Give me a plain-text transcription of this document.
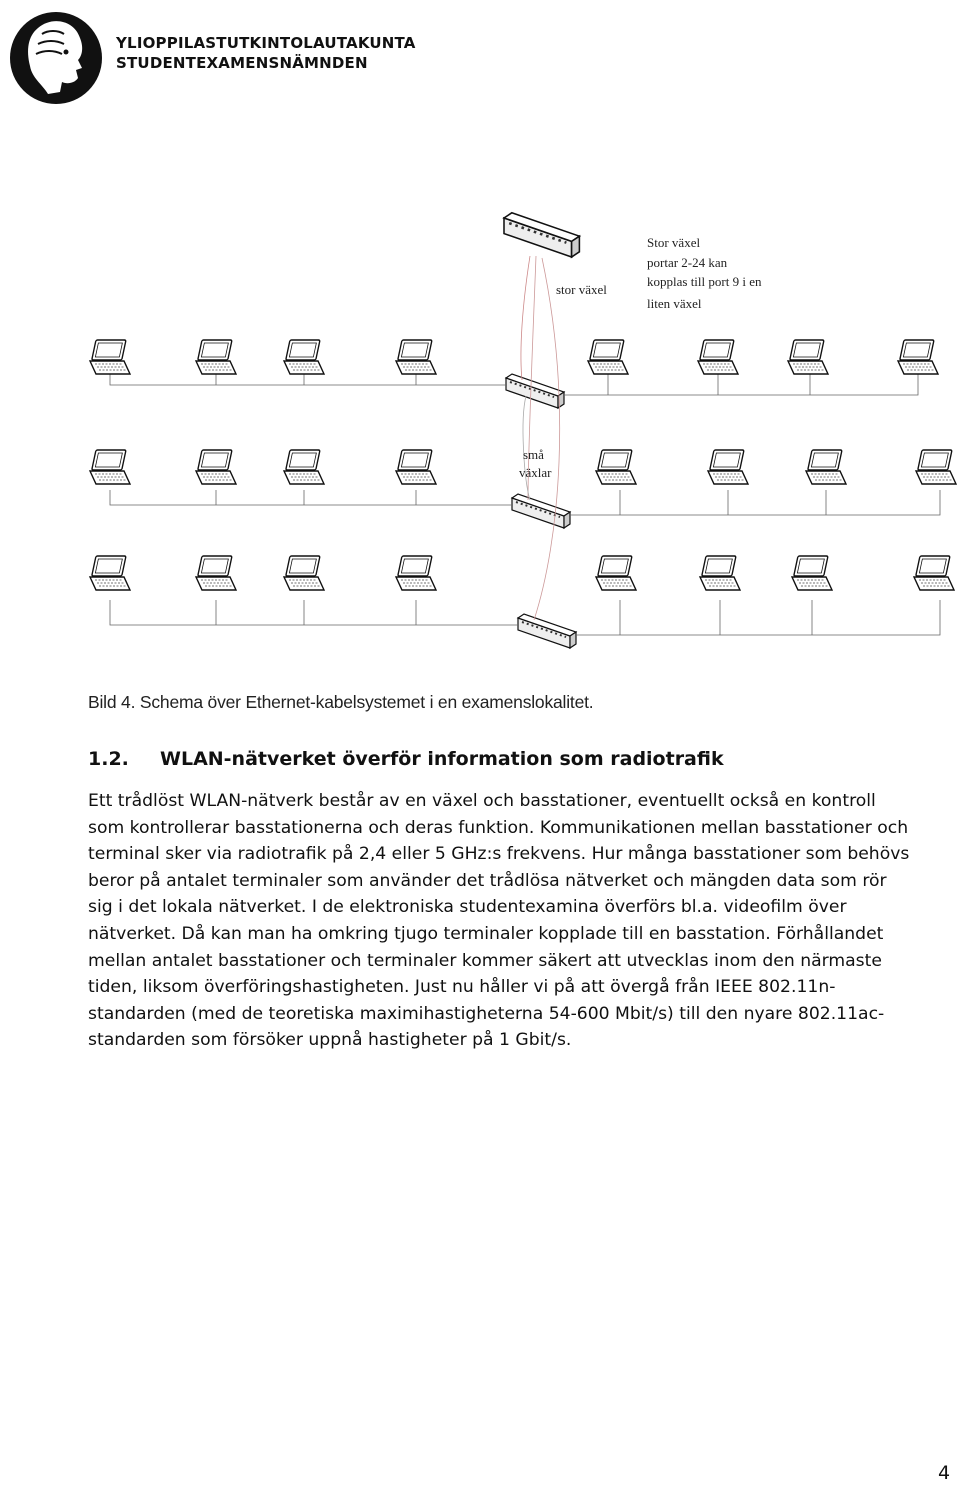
YLIOPPILASTUTKINTOLAUTAKUNTA
STUDENTEXAMENSNÄMNDEN
stor växel
Stor växel
portar 2-24 kan
kopplas till port 9 i en
liten växel
små
växlar
Bild 4. Schema över Ethernet-kabelsystemet i en examenslokalitet.
1.2. WLAN-nätverket överför information som radiotrafik
Ett trådlöst WLAN-nätverk består av en växel och basstationer, eventuellt också en kontroll
som kontrollerar basstationerna och deras funktion. Kommunikationen mellan basstationer och
terminal sker via radiotrafik på 2,4 eller 5 GHz:s frekvens. Hur många basstationer som behövs
beror på antalet terminaler som använder det trådlösa nätverket och mängden data som rör
sig i det lokala nätverket. I de elektroniska studentexamina överförs bl.a. videofilm över
nätverket. Då kan man ha omkring tjugo terminaler kopplade till en basstation. Förhållandet
mellan antalet basstationer och terminaler kommer säkert att utvecklas inom den närmaste
tiden, liksom överföringshastigheten. Just nu håller vi på att övergå från IEEE 802.11n-
standarden (med de teoretiska maximihastigheterna 54-600 Mbit/s) till den nyare 802.11ac-
standarden som försöker uppnå hastigheter på 1 Gbit/s.
4
